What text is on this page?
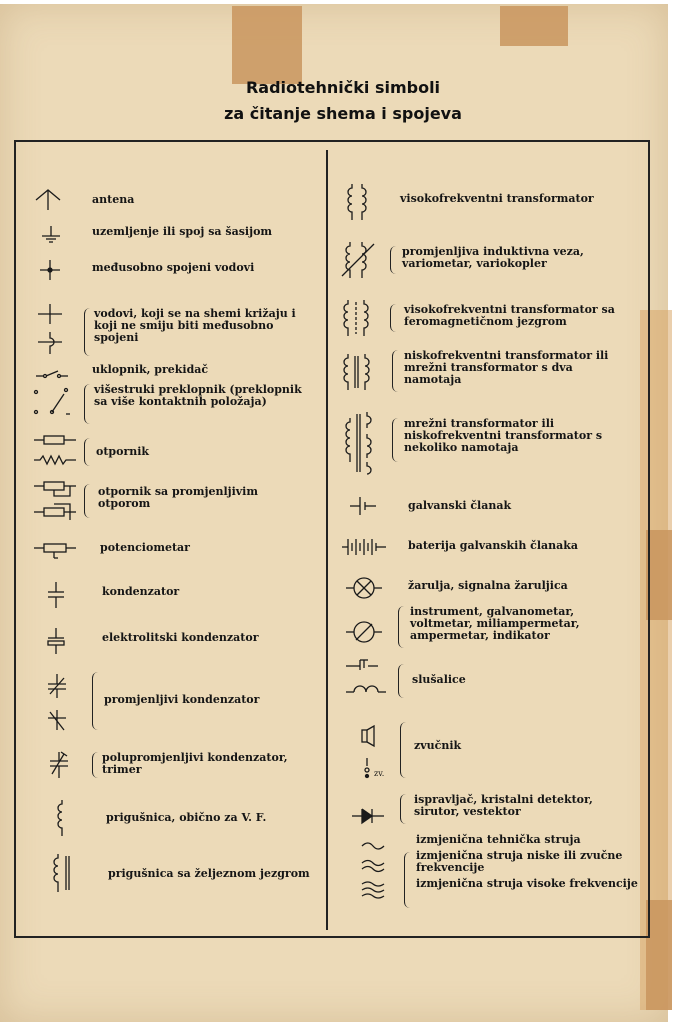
Radiotehnički simboli
za čitanje shema i spojeva
antena
uzemljenje ili spoj sa šasijom
međusobno spojeni vodovi
vodovi, koji se na shemi križaju i koji ne smiju biti međusobno spojeni
uklopnik, prekidač
višestruki preklopnik (preklopnik sa više kontaktnih položaja)
otpornik
otpornik sa promjenljivim otporom
potenciometar
kondenzator
elektrolitski kondenzator
promjenljivi kondenzator
polupromjenljivi kondenzator, trimer
prigušnica, obično za V. F.
prigušnica sa željeznom jezgrom
visokofrekventni transformator
promjenljiva induktivna veza, variometar, variokopler
visokofrekventni transformator sa feromagnetičnom jezgrom
niskofrekventni transformator ili mrežni transformator s dva namotaja
mrežni transformator ili niskofrekventni transformator s nekoliko namotaja
galvanski članak
baterija galvanskih članaka
žarulja, signalna žaruljica
instrument, galvanometar, voltmetar, miliampermetar, ampermetar, indikator
slušalice
zv.
zvučnik
ispravljač, kristalni detektor, sirutor, vestektor
izmjenična tehnička struja
izmjenična struja niske ili zvučne frekvencije
izmjenična struja visoke frekvencije
